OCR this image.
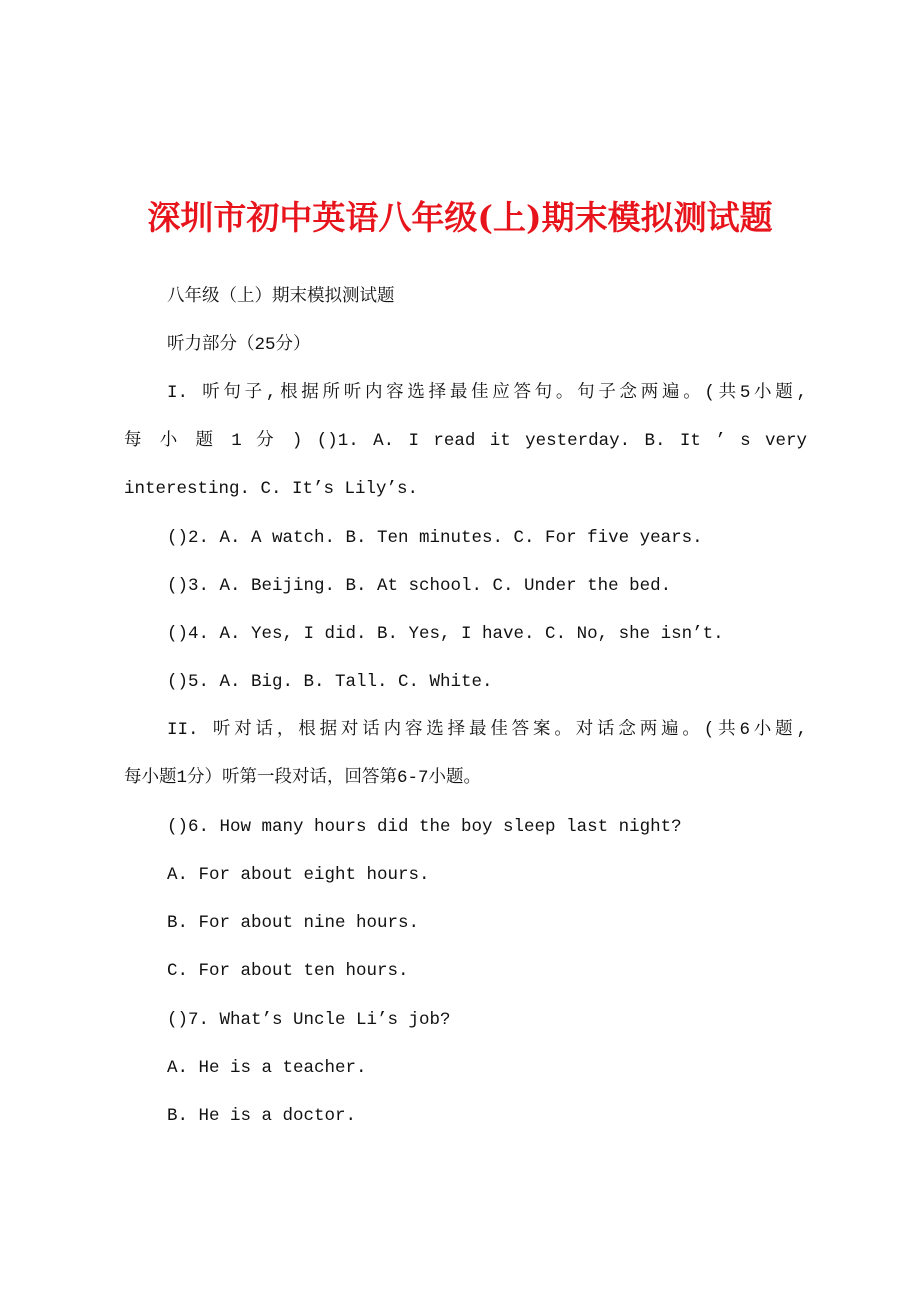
深圳市初中英语八年级(上)期末模拟测试题
八年级（上）期末模拟测试题
听力部分（25分）
I. 听句子,根据所听内容选择最佳应答句。句子念两遍。(共5小题,
每 小 题 1 分 ) ()1. A. I read it yesterday. B. It ’ s very
interesting. C. It’s Lily’s.
()2. A. A watch. B. Ten minutes. C. For five years.
()3. A. Beijing. B. At school. C. Under the bed.
()4. A. Yes, I did. B. Yes, I have. C. No, she isn’t.
()5. A. Big. B. Tall. C. White.
II. 听对话，根据对话内容选择最佳答案。对话念两遍。(共6小题,
每小题1分）听第一段对话，回答第6-7小题。
()6. How many hours did the boy sleep last night?
A. For about eight hours.
B. For about nine hours.
C. For about ten hours.
()7. What’s Uncle Li’s job?
A. He is a teacher.
B. He is a doctor.
